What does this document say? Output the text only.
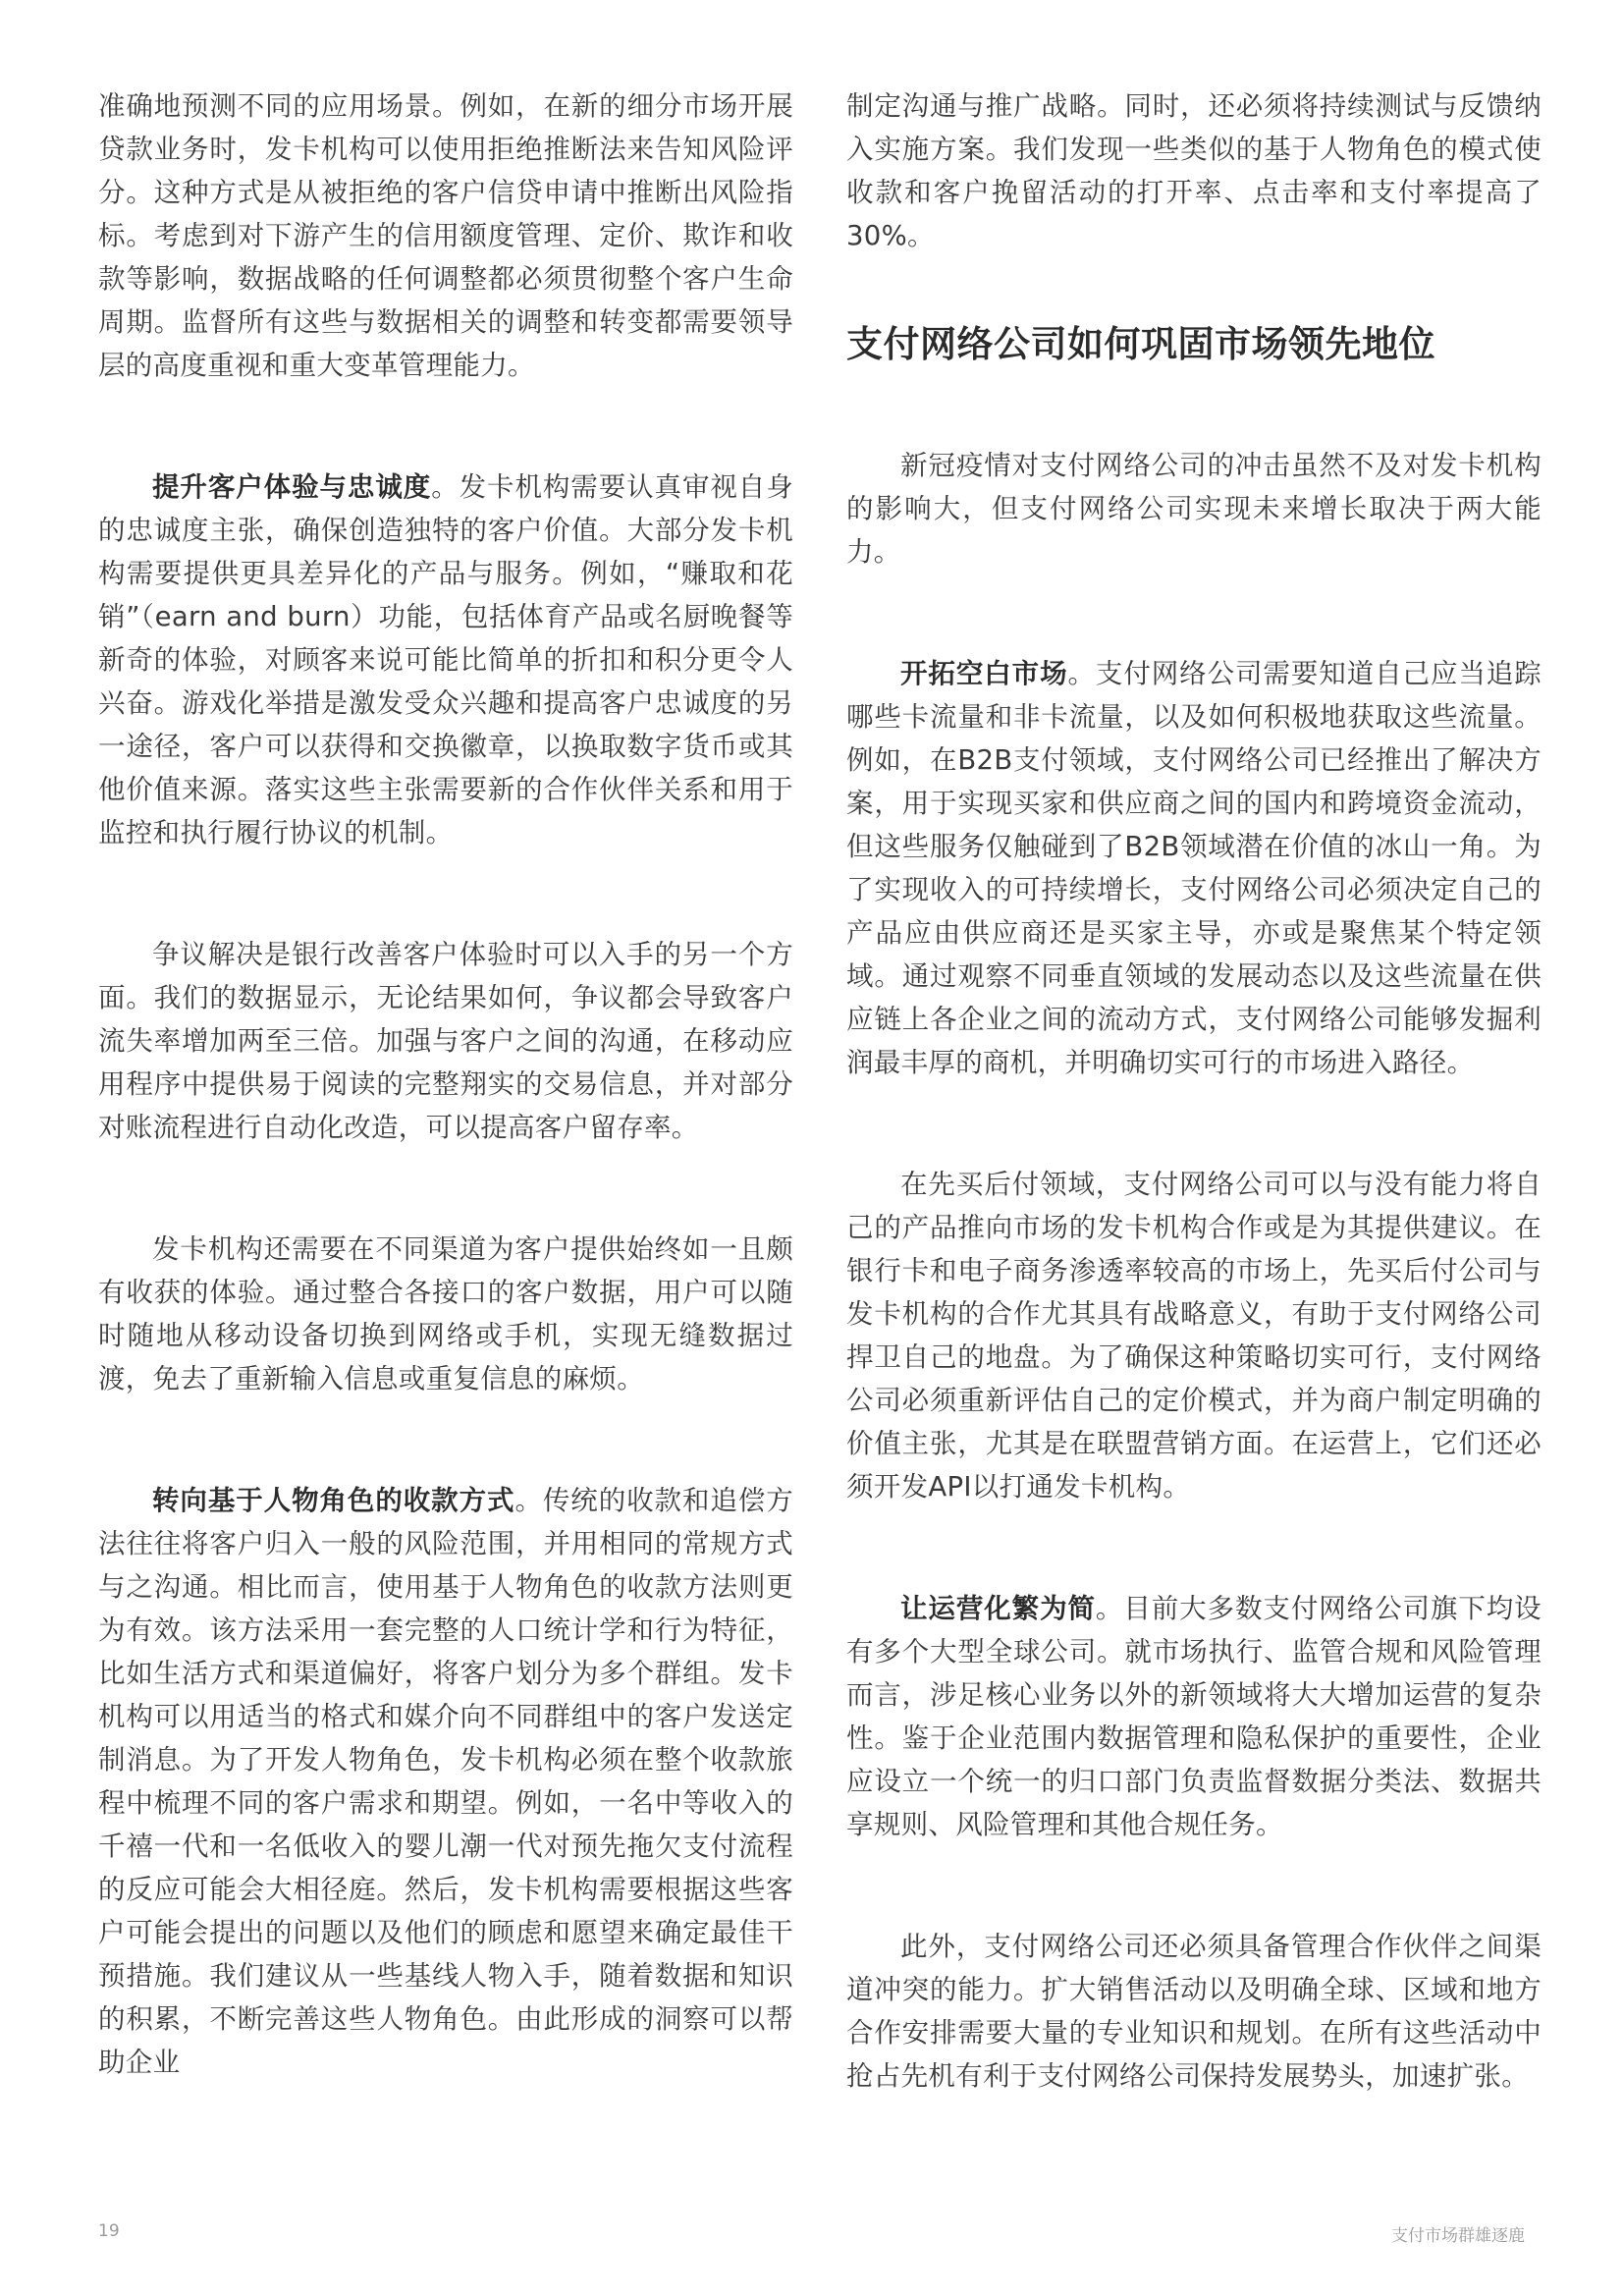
准确地预测不同的应用场景。例如，在新的细分市场开展贷款业务时，发卡机构可以使用拒绝推断法来告知风险评分。这种方式是从被拒绝的客户信贷申请中推断出风险指标。考虑到对下游产生的信用额度管理、定价、欺诈和收款等影响，数据战略的任何调整都必须贯彻整个客户生命周期。监督所有这些与数据相关的调整和转变都需要领导层的高度重视和重大变革管理能力。

提升客户体验与忠诚度。发卡机构需要认真审视自身的忠诚度主张，确保创造独特的客户价值。大部分发卡机构需要提供更具差异化的产品与服务。例如，“赚取和花销”（earn and burn）功能，包括体育产品或名厨晚餐等新奇的体验，对顾客来说可能比简单的折扣和积分更令人兴奋。游戏化举措是激发受众兴趣和提高客户忠诚度的另一途径，客户可以获得和交换徽章，以换取数字货币或其他价值来源。落实这些主张需要新的合作伙伴关系和用于监控和执行履行协议的机制。

争议解决是银行改善客户体验时可以入手的另一个方面。我们的数据显示，无论结果如何，争议都会导致客户流失率增加两至三倍。加强与客户之间的沟通，在移动应用程序中提供易于阅读的完整翔实的交易信息，并对部分对账流程进行自动化改造，可以提高客户留存率。

发卡机构还需要在不同渠道为客户提供始终如一且颇有收获的体验。通过整合各接口的客户数据，用户可以随时随地从移动设备切换到网络或手机，实现无缝数据过渡，免去了重新输入信息或重复信息的麻烦。

转向基于人物角色的收款方式。传统的收款和追偿方法往往将客户归入一般的风险范围，并用相同的常规方式与之沟通。相比而言，使用基于人物角色的收款方法则更为有效。该方法采用一套完整的人口统计学和行为特征，比如生活方式和渠道偏好，将客户划分为多个群组。发卡机构可以用适当的格式和媒介向不同群组中的客户发送定制消息。为了开发人物角色，发卡机构必须在整个收款旅程中梳理不同的客户需求和期望。例如，一名中等收入的千禧一代和一名低收入的婴儿潮一代对预先拖欠支付流程的反应可能会大相径庭。然后，发卡机构需要根据这些客户可能会提出的问题以及他们的顾虑和愿望来确定最佳干预措施。我们建议从一些基线人物入手，随着数据和知识的积累，不断完善这些人物角色。由此形成的洞察可以帮助企业

制定沟通与推广战略。同时，还必须将持续测试与反馈纳入实施方案。我们发现一些类似的基于人物角色的模式使收款和客户挽留活动的打开率、点击率和支付率提高了30%。

支付网络公司如何巩固市场领先地位

新冠疫情对支付网络公司的冲击虽然不及对发卡机构的影响大，但支付网络公司实现未来增长取决于两大能力。

开拓空白市场。支付网络公司需要知道自己应当追踪哪些卡流量和非卡流量，以及如何积极地获取这些流量。例如，在B2B支付领域，支付网络公司已经推出了解决方案，用于实现买家和供应商之间的国内和跨境资金流动，但这些服务仅触碰到了B2B领域潜在价值的冰山一角。为了实现收入的可持续增长，支付网络公司必须决定自己的产品应由供应商还是买家主导，亦或是聚焦某个特定领域。通过观察不同垂直领域的发展动态以及这些流量在供应链上各企业之间的流动方式，支付网络公司能够发掘利润最丰厚的商机，并明确切实可行的市场进入路径。

在先买后付领域，支付网络公司可以与没有能力将自己的产品推向市场的发卡机构合作或是为其提供建议。在银行卡和电子商务渗透率较高的市场上，先买后付公司与发卡机构的合作尤其具有战略意义，有助于支付网络公司捍卫自己的地盘。为了确保这种策略切实可行，支付网络公司必须重新评估自己的定价模式，并为商户制定明确的价值主张，尤其是在联盟营销方面。在运营上，它们还必须开发API以打通发卡机构。

让运营化繁为简。目前大多数支付网络公司旗下均设有多个大型全球公司。就市场执行、监管合规和风险管理而言，涉足核心业务以外的新领域将大大增加运营的复杂性。鉴于企业范围内数据管理和隐私保护的重要性，企业应设立一个统一的归口部门负责监督数据分类法、数据共享规则、风险管理和其他合规任务。

此外，支付网络公司还必须具备管理合作伙伴之间渠道冲突的能力。扩大销售活动以及明确全球、区域和地方合作安排需要大量的专业知识和规划。在所有这些活动中抢占先机有利于支付网络公司保持发展势头，加速扩张。

19	支付市场群雄逐鹿
